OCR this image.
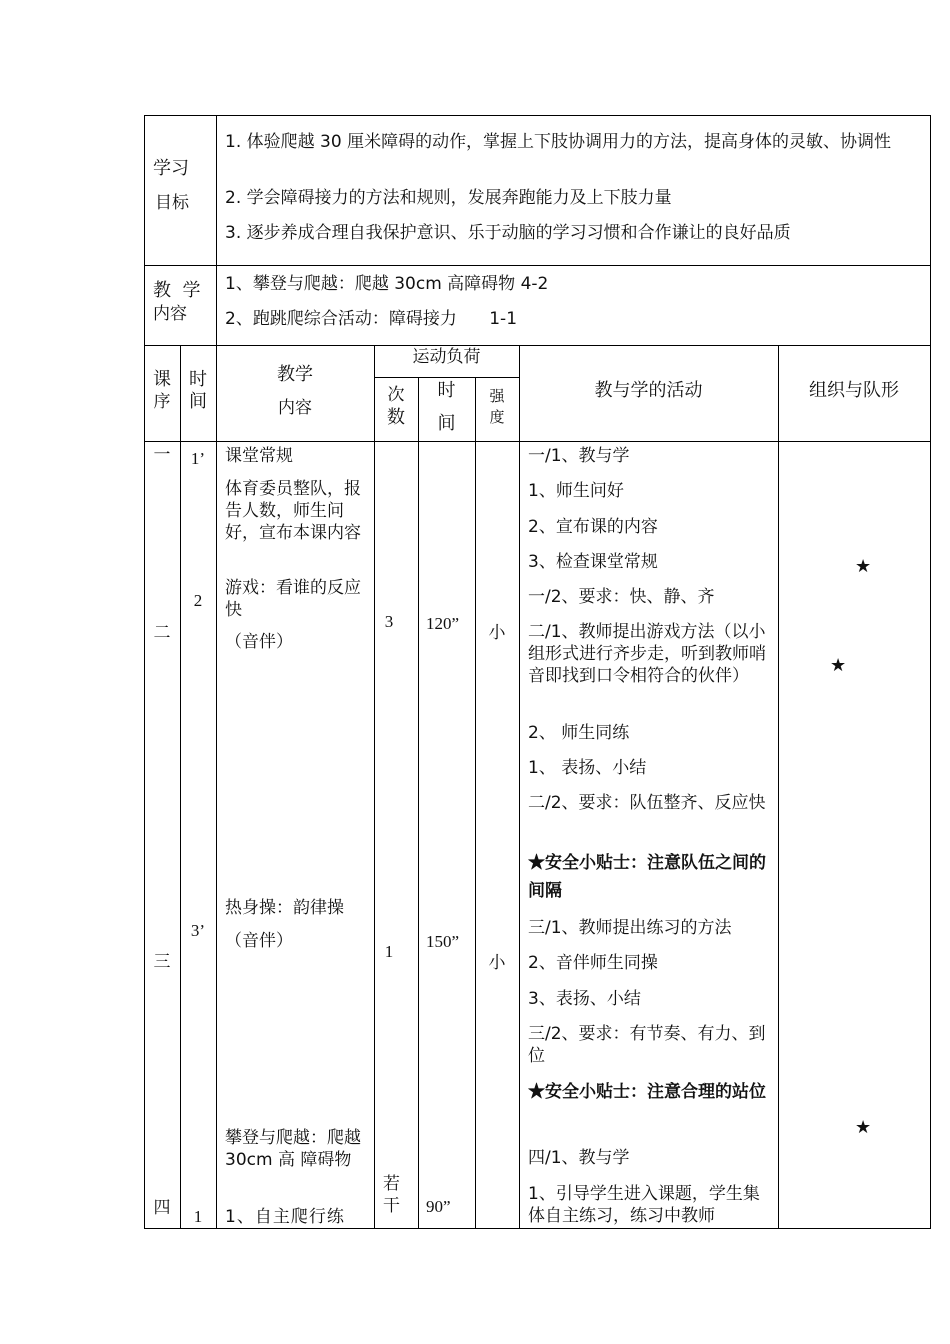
学习
目标
1. 体验爬越 30 厘米障碍的动作，掌握上下肢协调用力的方法，提高身体的灵敏、协调性
2. 学会障碍接力的方法和规则，发展奔跑能力及上下肢力量
3. 逐步养成合理自我保护意识、乐于动脑的学习习惯和合作谦让的良好品质
教  学
内容
1、攀登与爬越：爬越 30cm 高障碍物 4-2
2、跑跳爬综合活动：障碍接力      1-1
课
序
时
间
教学
内容
运动负荷
次
数
时
间
强
度
教与学的活动	组织与队形
一
二
三
四
1’
2
3’
1
课堂常规
体育委员整队，报告人数，师生问好，宣布本课内容
游戏：看谁的反应快
（音伴）
热身操：韵律操
（音伴）
攀登与爬越：爬越 30cm 高 障碍物
1、自主爬行练
3
1
若干
120”
150”
90”
小
小
一/1、教与学
1、师生问好
2、宣布课的内容
3、检查课堂常规
一/2、要求：快、静、齐
二/1、教师提出游戏方法（以小组形式进行齐步走，听到教师哨音即找到口令相符合的伙伴）
2、 师生同练
1、 表扬、小结
二/2、要求：队伍整齐、反应快
★安全小贴士：注意队伍之间的间隔
三/1、教师提出练习的方法
2、音伴师生同操
3、表扬、小结
三/2、要求：有节奏、有力、到位
★安全小贴士：注意合理的站位
四/1、教与学
1、引导学生进入课题，学生集体自主练习，练习中教师
★
★
★
